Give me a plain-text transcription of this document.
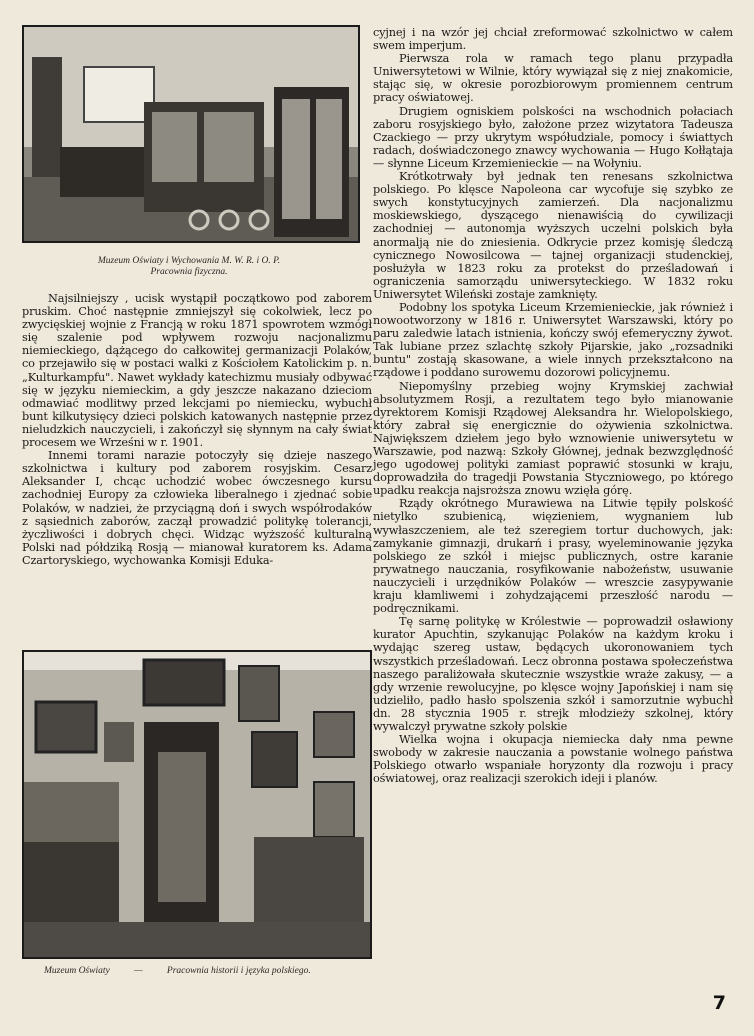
Muzeum Oświaty i Wychowania M. W. R. i O. P.
Pracownia fizyczna.

Najsilniejszy , ucisk wystąpił początkowo pod zaborem pruskim. Choć następnie zmniejszył się cokolwiek, lecz po zwycięskiej wojnie z Francją w roku 1871 spowrotem wzmógł się szalenie pod wpływem rozwoju nacjonalizmu niemieckiego, dążącego do całkowitej germanizacji Polaków, co przejawiło się w postaci walki z Kościołem Katolickim p. n. „Kulturkampfu". Nawet wykłady katechizmu musiały odbywać się w języku niemieckim, a gdy jeszcze nakazano dzieciom odmawiać modlitwy przed lekcjami po niemiecku, wybuchł bunt kilkutysięcy dzieci polskich katowanych następnie przez nieludzkich nauczycieli, i zakończył się słynnym na cały świat procesem we Wrześni w r. 1901.

Innemi torami narazie potoczyły się dzieje naszego szkolnictwa i kultury pod zaborem rosyjskim. Cesarz Aleksander I, chcąc uchodzić wobec ówczesnego kursu zachodniej Europy za człowieka liberalnego i zjednać sobie Polaków, w nadziei, że przyciągną doń i swych współrodaków z sąsiednich zaborów, zaczął prowadzić politykę tolerancji, życzliwości i dobrych chęci. Widząc wyższość kulturalną Polski nad półdziką Rosją — mianował kuratorem ks. Adama Czartoryskiego, wychowanka Komisji Eduka-

Muzeum Oświaty	—	Pracownia historii i języka polskiego.

cyjnej i na wzór jej chciał zreformować szkolnictwo w całem swem imperjum.

Pierwsza rola w ramach tego planu przypadła Uniwersytetowi w Wilnie, który wywiązał się z niej znakomicie, stając się, w okresie porozbiorowym promiennem centrum pracy oświatowej.

Drugiem ogniskiem polskości na wschodnich połaciach zaboru rosyjskiego było, założone przez wizytatora Tadeusza Czackiego — przy ukrytym współudziale, pomocy i świattych radach, doświadczonego znawcy wychowania — Hugo Kołłątaja — słynne Liceum Krzemienieckie — na Wołyniu.

Krótkotrwały był jednak ten renesans szkolnictwa polskiego. Po klęsce Napoleona car wycofuje się szybko ze swych konstytucyjnych zamierzeń. Dla nacjonalizmu moskiewskiego, dyszącego nienawiścią do cywilizacji zachodniej — autonomja wyższych uczelni polskich była anormalją nie do zniesienia. Odkrycie przez komisję śledczą cynicznego Nowosilcowa — tajnej organizacji studenckiej, posłużyła w 1823 roku za protekst do prześladowań i ograniczenia samorządu uniwersyteckiego. W 1832 roku Uniwersytet Wileński zostaje zamknięty.

Podobny los spotyka Liceum Krzemienieckie, jak również i nowootworzony w 1816 r. Uniwersytet Warszawski, który po paru zaledwie latach istnienia, kończy swój efemeryczny żywot. Tak lubiane przez szlachtę szkoły Pijarskie, jako „rozsadniki buntu" zostają skasowane, a wiele innych przekształcono na rządowe i poddano surowemu dozorowi policyjnemu.

Niepomyślny przebieg wojny Krymskiej zachwiał absolutyzmem Rosji, a rezultatem tego było mianowanie dyrektorem Komisji Rządowej Aleksandra hr. Wielopolskiego, który zabrał się energicznie do ożywienia szkolnictwa. Największem dziełem jego było wznowienie uniwersytetu w Warszawie, pod nazwą: Szkoły Głównej, jednak bezwzględność jego ugodowej polityki zamiast poprawić stosunki w kraju, doprowadziła do tragedji Powstania Styczniowego, po którego upadku reakcja najsroższa znowu wzięła górę.

Rządy okrótnego Murawiewa na Litwie tępiły polskość nietylko szubienicą, więzieniem, wygnaniem lub wywłaszczeniem, ale też szeregiem tortur duchowych, jak: zamykanie gimnazji, drukarń i prasy, wyeleminowanie języka polskiego ze szkół i miejsc publicznych, ostre karanie prywatnego nauczania, rosyfikowanie nabożeństw, usuwanie nauczycieli i urzędników Polaków — wreszcie zasypywanie kraju kłamliwemi i zohydzającemi przeszłość narodu — podręcznikami.

Tę sarnę politykę w Królestwie — poprowadził osławiony kurator Apuchtin, szykanując Polaków na każdym kroku i wydając szereg ustaw, będących ukoronowaniem tych wszystkich prześladowań. Lecz obronna postawa społeczeństwa naszego paraliżowała skutecznie wszystkie wraże zakusy, — a gdy wrzenie rewolucyjne, po klęsce wojny Japońskiej i nam się udzieliło, padło hasło spolszenia szkół i samorzutnie wybuchł dn. 28 stycznia 1905 r. strejk młodzieży szkolnej, który wywalczył prywatne szkoły polskie

Wielka wojna i okupacja niemiecka dały nma pewne swobody w zakresie nauczania a powstanie wolnego państwa Polskiego otwarło wspaniałe horyzonty dla rozwoju i pracy oświatowej, oraz realizacji szerokich ideji i planów.

7
